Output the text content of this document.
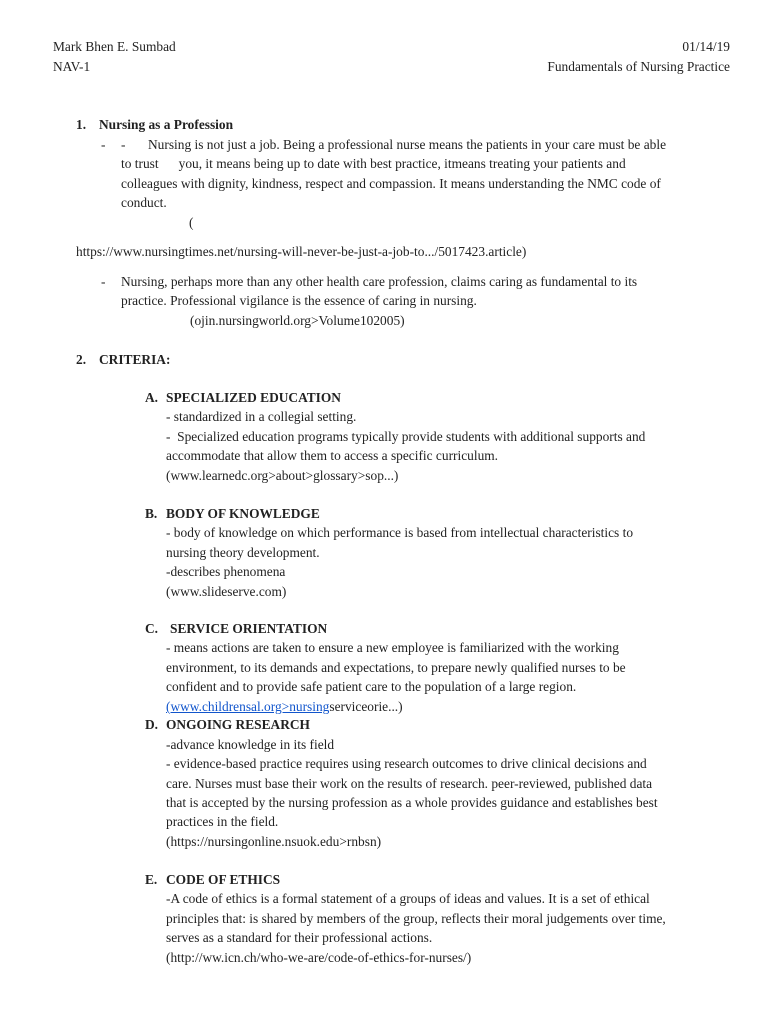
Mark Bhen E. Sumbad	01/14/19
NAV-1	Fundamentals of Nursing Practice
1. Nursing as a Profession
- - Nursing is not just a job. Being a professional nurse means the patients in your care must be able
to trust      you, it means being up to date with best practice, itmeans treating your patients and
colleagues with dignity, kindness, respect and compassion. It means understanding the NMC code of
conduct.
(
https://www.nursingtimes.net/nursing-will-never-be-just-a-job-to.../5017423.article)
- Nursing, perhaps more than any other health care profession, claims caring as fundamental to its
practice. Professional vigilance is the essence of caring in nursing.
(ojin.nursingworld.org>Volume102005)
2. CRITERIA:
A. SPECIALIZED EDUCATION
- standardized in a collegial setting.
-  Specialized education programs typically provide students with additional supports and
accommodate that allow them to access a specific curriculum.
(www.learnedc.org>about>glossary>sop...)
B. BODY OF KNOWLEDGE
- body of knowledge on which performance is based from intellectual characteristics to
nursing theory development.
-describes phenomena
(www.slideserve.com)
C. SERVICE ORIENTATION
- means actions are taken to ensure a new employee is familiarized with the working
environment, to its demands and expectations, to prepare newly qualified nurses to be
confident and to provide safe patient care to the population of a large region.
(www.childrensal.org>nursingserviceorie...)
D. ONGOING RESEARCH
-advance knowledge in its field
- evidence-based practice requires using research outcomes to drive clinical decisions and
care. Nurses must base their work on the results of research. peer-reviewed, published data
that is accepted by the nursing profession as a whole provides guidance and establishes best
practices in the field.
(https://nursingonline.nsuok.edu>rnbsn)
E. CODE OF ETHICS
-A code of ethics is a formal statement of a groups of ideas and values. It is a set of ethical
principles that: is shared by members of the group, reflects their moral judgements over time,
serves as a standard for their professional actions.
(http://ww.icn.ch/who-we-are/code-of-ethics-for-nurses/)
